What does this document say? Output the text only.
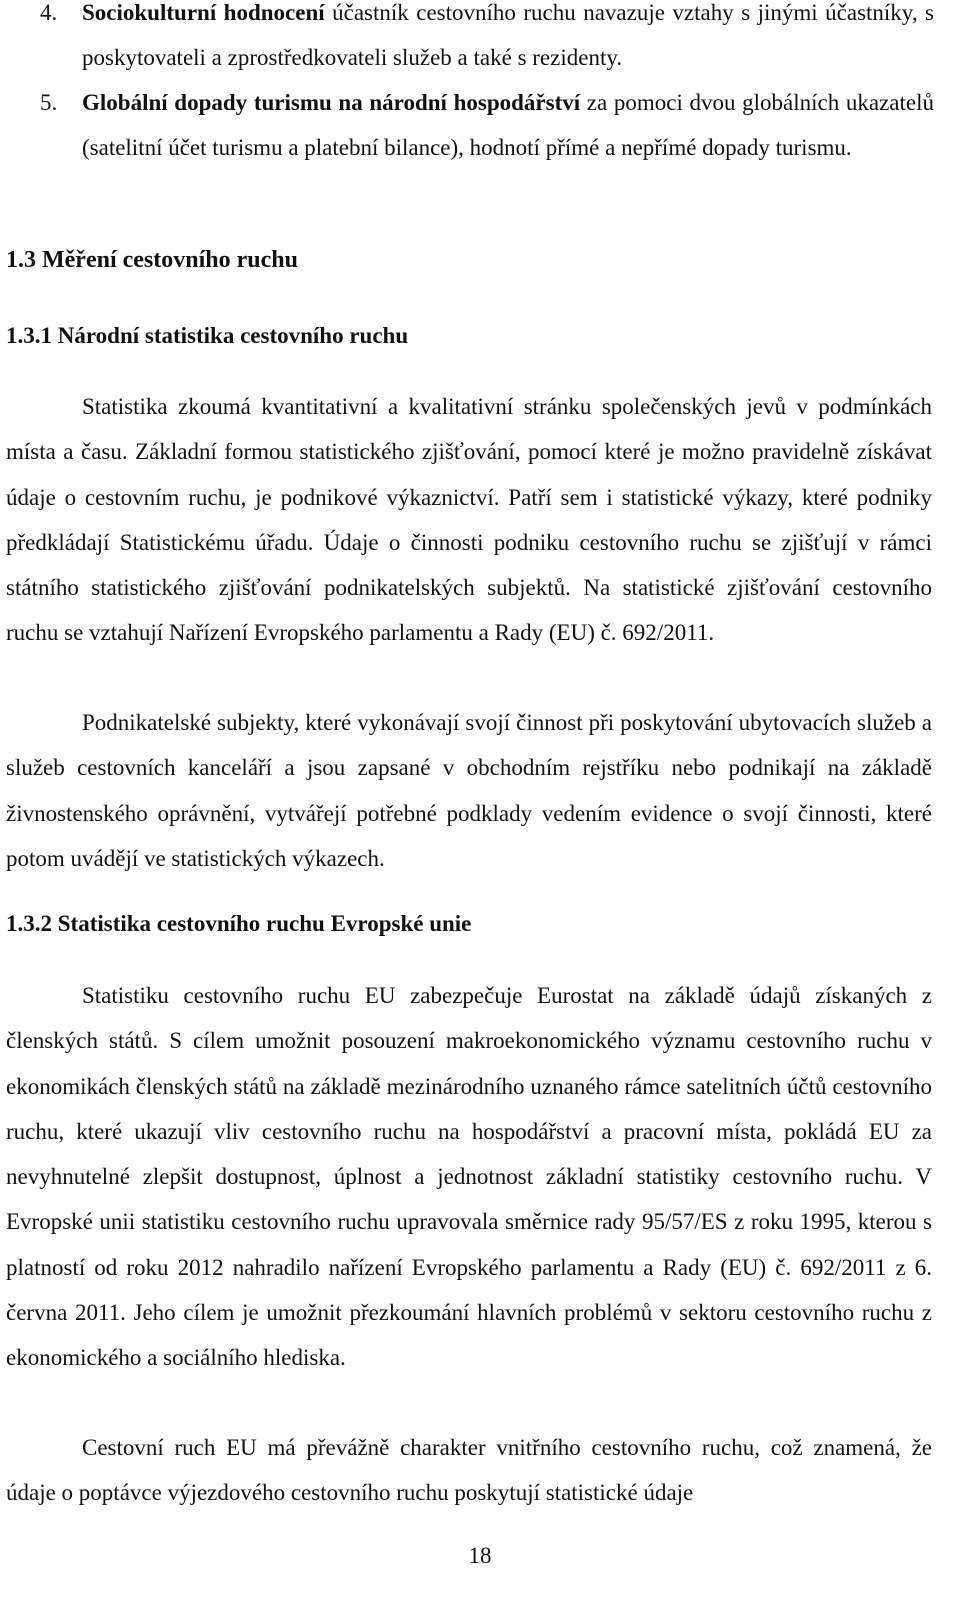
4. Sociokulturní hodnocení účastník cestovního ruchu navazuje vztahy s jinými účastníky, s poskytovateli a zprostředkovateli služeb a také s rezidenty.
5. Globální dopady turismu na národní hospodářství za pomoci dvou globálních ukazatelů (satelitní účet turismu a platební bilance), hodnotí přímé a nepřímé dopady turismu.
1.3 Měření cestovního ruchu
1.3.1 Národní statistika cestovního ruchu

Statistika zkoumá kvantitativní a kvalitativní stránku společenských jevů v podmínkách místa a času. Základní formou statistického zjišťování, pomocí které je možno pravidelně získávat údaje o cestovním ruchu, je podnikové výkaznictví. Patří sem i statistické výkazy, které podniky předkládají Statistickému úřadu. Údaje o činnosti podniku cestovního ruchu se zjišťují v rámci státního statistického zjišťování podnikatelských subjektů. Na statistické zjišťování cestovního ruchu se vztahují Nařízení Evropského parlamentu a Rady (EU) č. 692/2011.

Podnikatelské subjekty, které vykonávají svojí činnost při poskytování ubytovacích služeb a služeb cestovních kanceláří a jsou zapsané v obchodním rejstříku nebo podnikají na základě živnostenského oprávnění, vytvářejí potřebné podklady vedením evidence o svojí činnosti, které potom uvádějí ve statistických výkazech.

1.3.2 Statistika cestovního ruchu Evropské unie

Statistiku cestovního ruchu EU zabezpečuje Eurostat na základě údajů získaných z členských států. S cílem umožnit posouzení makroekonomického významu cestovního ruchu v ekonomikách členských států na základě mezinárodního uznaného rámce satelitních účtů cestovního ruchu, které ukazují vliv cestovního ruchu na hospodářství a pracovní místa, pokládá EU za nevyhnutelné zlepšit dostupnost, úplnost a jednotnost základní statistiky cestovního ruchu. V Evropské unii statistiku cestovního ruchu upravovala směrnice rady 95/57/ES z roku 1995, kterou s platností od roku 2012 nahradilo nařízení Evropského parlamentu a Rady (EU) č. 692/2011 z 6. června 2011. Jeho cílem je umožnit přezkoumání hlavních problémů v sektoru cestovního ruchu z ekonomického a sociálního hlediska.

Cestovní ruch EU má převážně charakter vnitřního cestovního ruchu, což znamená, že údaje o poptávce výjezdového cestovního ruchu poskytují statistické údaje

18
